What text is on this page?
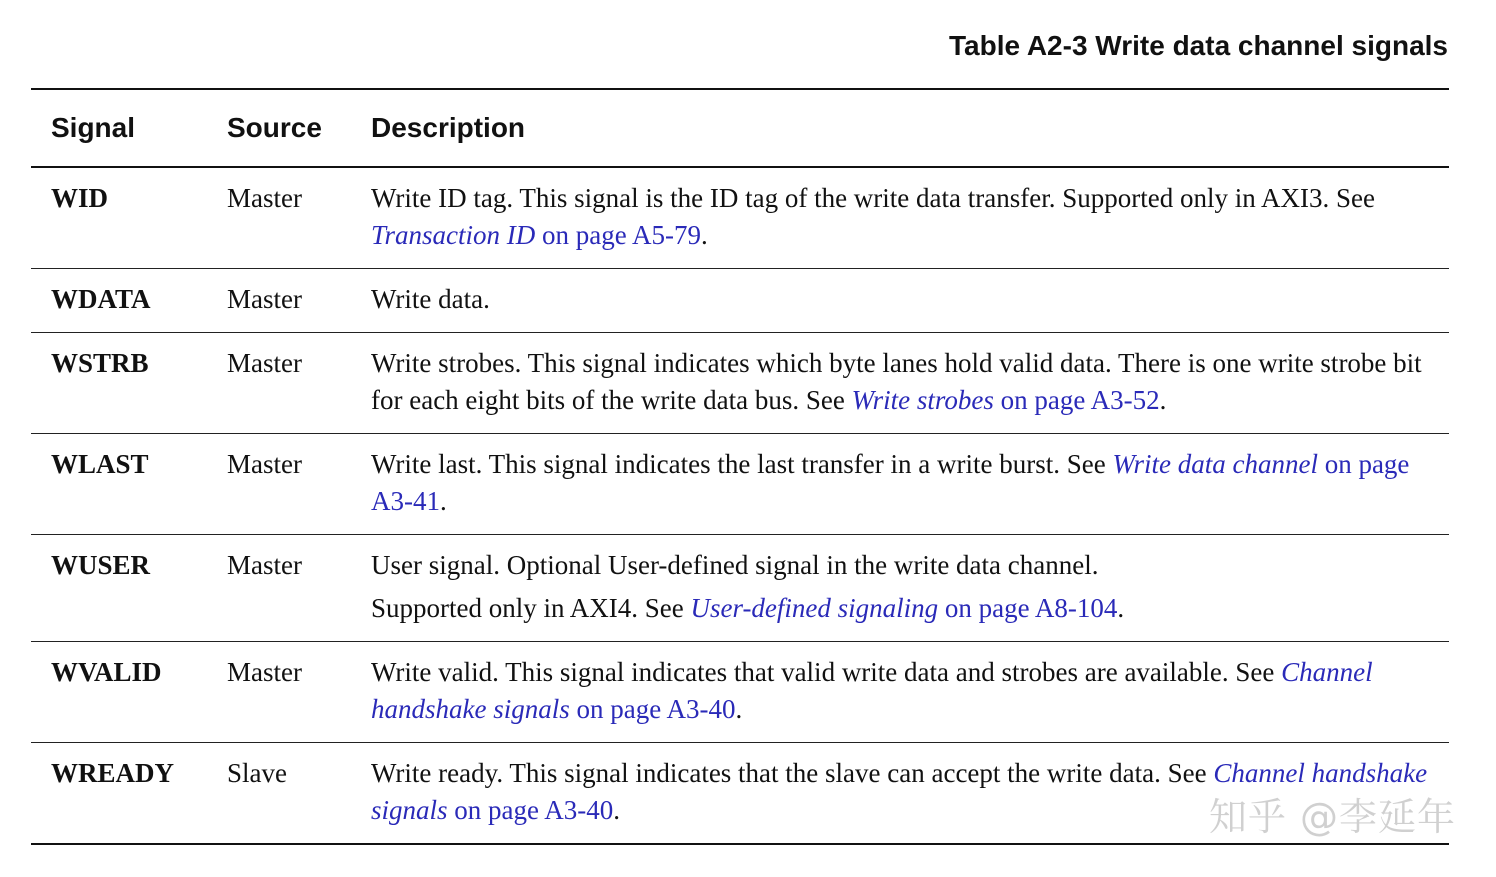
Table A2-3 Write data channel signals
Signal	Source	Description
WID	Master	Write ID tag. This signal is the ID tag of the write data transfer. Supported only in AXI3. See Transaction ID on page A5-79.
WDATA	Master	Write data.
WSTRB	Master	Write strobes. This signal indicates which byte lanes hold valid data. There is one write strobe bit for each eight bits of the write data bus. See Write strobes on page A3-52.
WLAST	Master	Write last. This signal indicates the last transfer in a write burst. See Write data channel on page A3-41.
WUSER	Master	User signal. Optional User-defined signal in the write data channel.
Supported only in AXI4. See User-defined signaling on page A8-104.

WVALID	Master	Write valid. This signal indicates that valid write data and strobes are available. See Channel handshake signals on page A3-40.
WREADY	Slave	Write ready. This signal indicates that the slave can accept the write data. See Channel handshake signals on page A3-40.	知乎 @李延年
